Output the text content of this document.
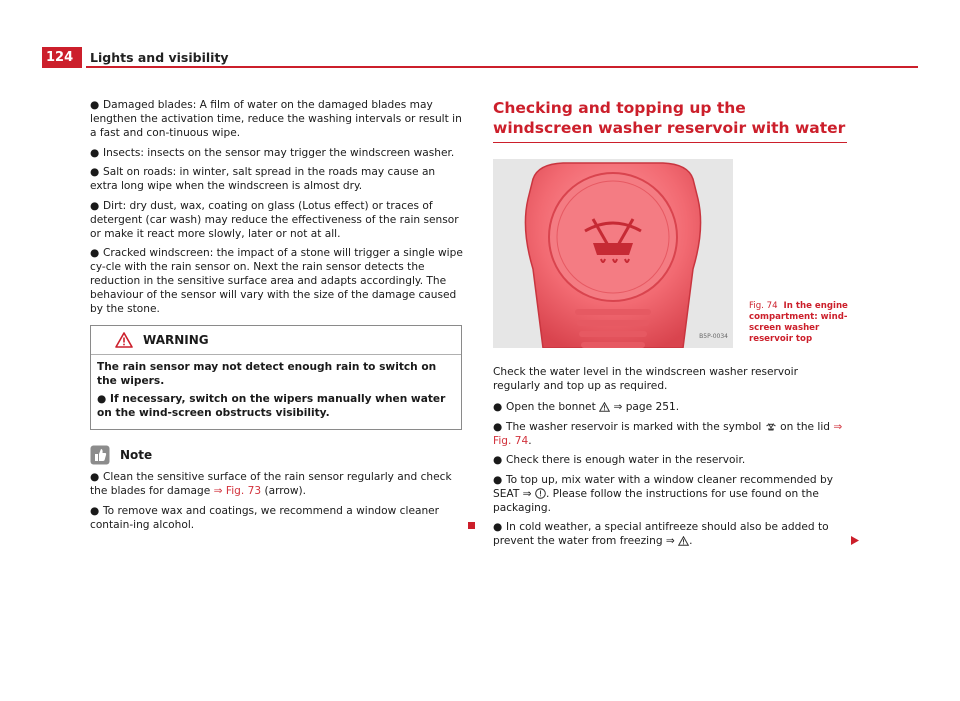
124	Lights and visibility

● Damaged blades: A film of water on the damaged blades may lengthen the activation time, reduce the washing intervals or result in a fast and con-tinuous wipe.

● Insects: insects on the sensor may trigger the windscreen washer.

● Salt on roads: in winter, salt spread in the roads may cause an extra long wipe when the windscreen is almost dry.

● Dirt: dry dust, wax, coating on glass (Lotus effect) or traces of detergent (car wash) may reduce the effectiveness of the rain sensor or make it react more slowly, later or not at all.

● Cracked windscreen: the impact of a stone will trigger a single wipe cy-cle with the rain sensor on. Next the rain sensor detects the reduction in the sensitive surface area and adapts accordingly. The behaviour of the sensor will vary with the size of the damage caused by the stone.

WARNING

The rain sensor may not detect enough rain to switch on the wipers.

● If necessary, switch on the wipers manually when water on the wind-screen obstructs visibility.

Note

● Clean the sensitive surface of the rain sensor regularly and check the blades for damage ⇒ Fig. 73 (arrow).

● To remove wax and coatings, we recommend a window cleaner contain-ing alcohol.

Checking and topping up the windscreen washer reservoir with water
B5P-0034
Fig. 74 In the engine compartment: wind-screen washer reservoir top

Check the water level in the windscreen washer reservoir regularly and top up as required.

● Open the bonnet  ⇒ page 251.

● The washer reservoir is marked with the symbol  on the lid ⇒ Fig. 74.

● Check there is enough water in the reservoir.

● To top up, mix water with a window cleaner recommended by SEAT ⇒ . Please follow the instructions for use found on the packaging.

● In cold weather, a special antifreeze should also be added to prevent the water from freezing ⇒ .
